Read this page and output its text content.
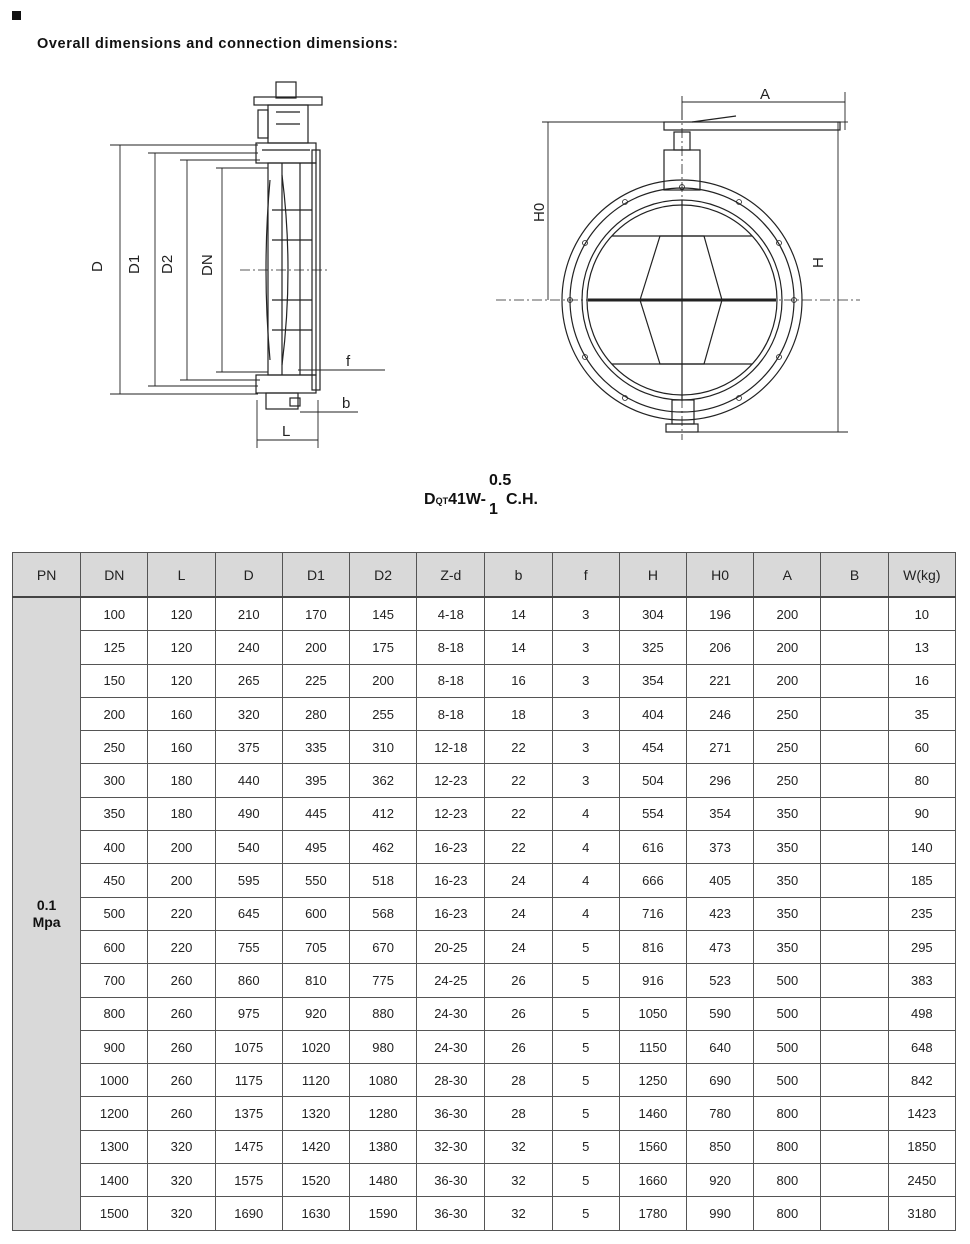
Overall dimensions and connection dimensions:
D D1 D2 DN
f
b
L
A
H0
H
DQT41W-
0.5
1
C.H.
PN	DN	L	D	D1	D2	Z-d	b	f	H	H0	A	B	W(kg)

0.1
Mpa	100	120	210	170	145	4-18	14	3	304	196	200		10
	125	120	240	200	175	8-18	14	3	325	206	200		13
	150	120	265	225	200	8-18	16	3	354	221	200		16
	200	160	320	280	255	8-18	18	3	404	246	250		35
	250	160	375	335	310	12-18	22	3	454	271	250		60
	300	180	440	395	362	12-23	22	3	504	296	250		80
	350	180	490	445	412	12-23	22	4	554	354	350		90
	400	200	540	495	462	16-23	22	4	616	373	350		140
	450	200	595	550	518	16-23	24	4	666	405	350		185
	500	220	645	600	568	16-23	24	4	716	423	350		235
	600	220	755	705	670	20-25	24	5	816	473	350		295
	700	260	860	810	775	24-25	26	5	916	523	500		383
	800	260	975	920	880	24-30	26	5	1050	590	500		498
	900	260	1075	1020	980	24-30	26	5	1150	640	500		648
	1000	260	1175	1120	1080	28-30	28	5	1250	690	500		842
	1200	260	1375	1320	1280	36-30	28	5	1460	780	800		1423
	1300	320	1475	1420	1380	32-30	32	5	1560	850	800		1850
	1400	320	1575	1520	1480	36-30	32	5	1660	920	800		2450
	1500	320	1690	1630	1590	36-30	32	5	1780	990	800		3180
